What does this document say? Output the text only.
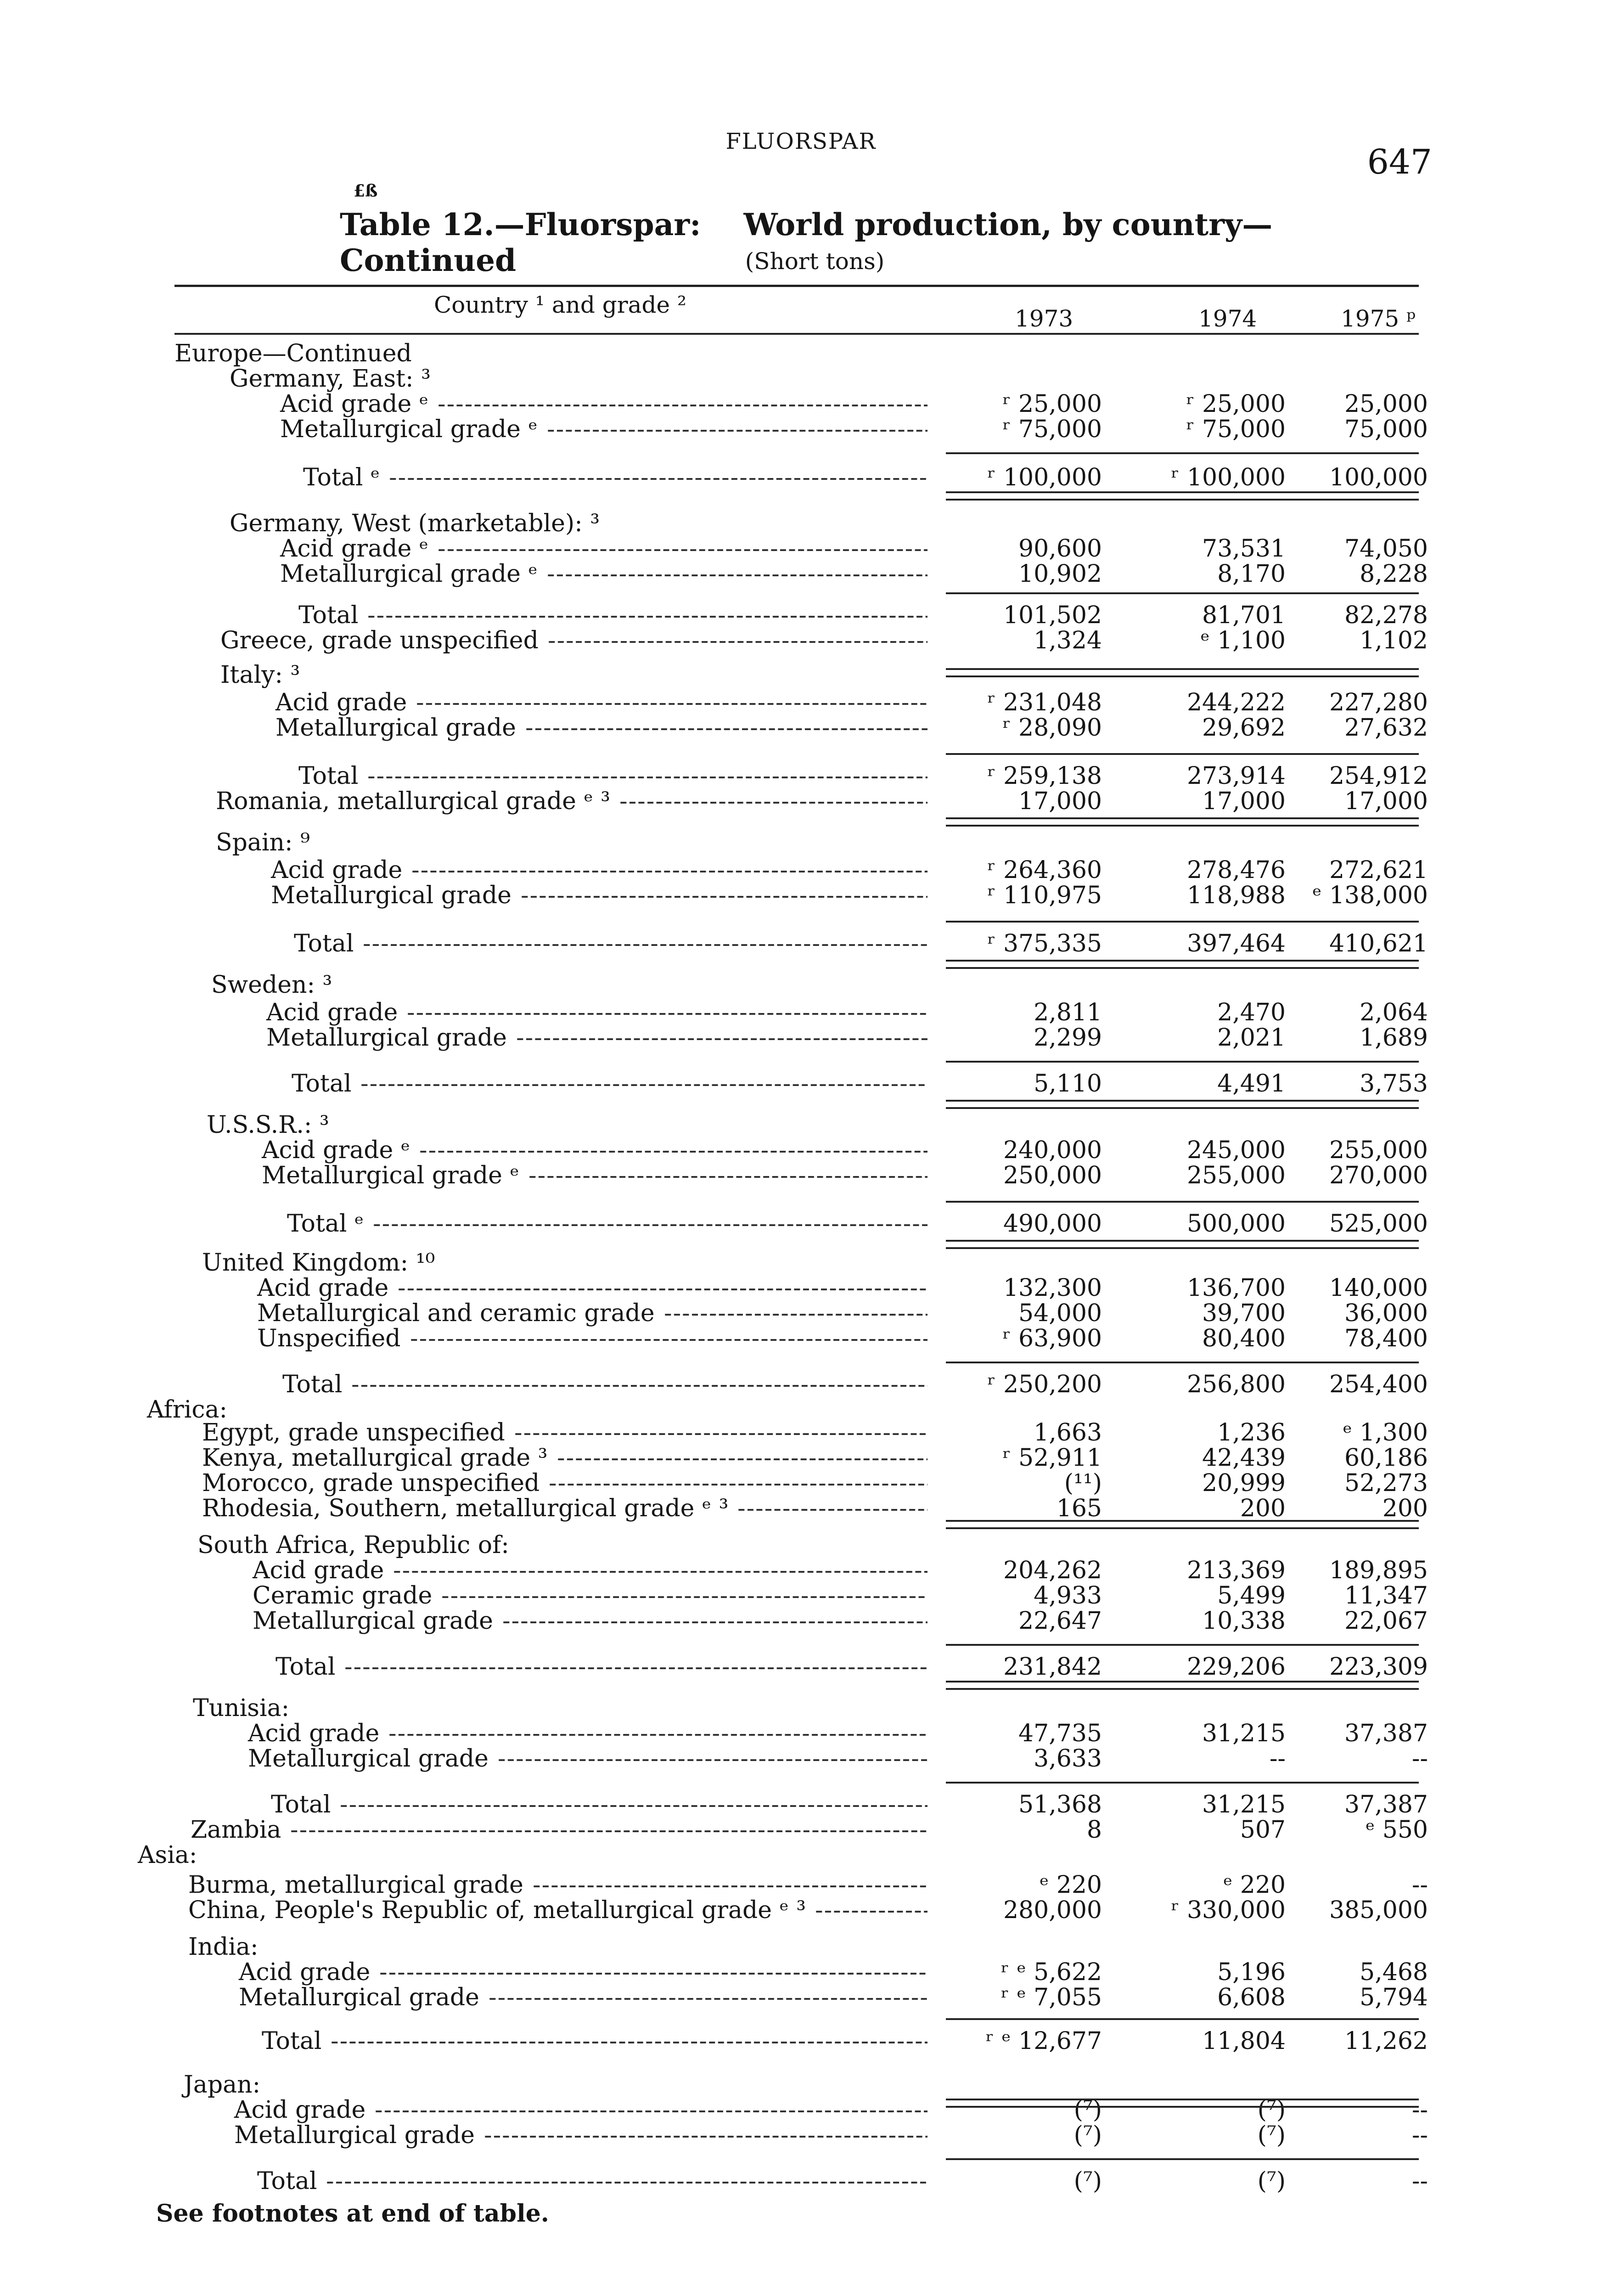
FLUORSPAR
647
£ß
Table 12.—Fluorspar: World production, by country—Continued	(Short tons)
Country ¹ and grade ²
1973	1974	1975 ᵖ
Europe—Continued
Germany, East: ³
Acid grade ᵉ -----	ʳ 25,000	ʳ 25,000	25,000
Metallurgical grade ᵉ -----	ʳ 75,000	ʳ 75,000	75,000
Total ᵉ -----	ʳ 100,000	ʳ 100,000	100,000
Germany, West (marketable): ³
Acid grade ᵉ -----	90,600	73,531	74,050
Metallurgical grade ᵉ -----	10,902	8,170	8,228
Total -----	101,502	81,701	82,278
Greece, grade unspecified -----	1,324	ᵉ 1,100	1,102
Italy: ³
Acid grade -----	ʳ 231,048	244,222	227,280
Metallurgical grade -----	ʳ 28,090	29,692	27,632
Total -----	ʳ 259,138	273,914	254,912
Romania, metallurgical grade ᵉ ³ -----	17,000	17,000	17,000
Spain: ⁹
Acid grade -----	ʳ 264,360	278,476	272,621
Metallurgical grade -----	ʳ 110,975	118,988	ᵉ 138,000
Total -----	ʳ 375,335	397,464	410,621
Sweden: ³
Acid grade -----	2,811	2,470	2,064
Metallurgical grade -----	2,299	2,021	1,689
Total -----	5,110	4,491	3,753
U.S.S.R.: ³
Acid grade ᵉ -----	240,000	245,000	255,000
Metallurgical grade ᵉ -----	250,000	255,000	270,000
Total ᵉ -----	490,000	500,000	525,000
United Kingdom: ¹⁰
Acid grade -----	132,300	136,700	140,000
Metallurgical and ceramic grade -----	54,000	39,700	36,000
Unspecified -----	ʳ 63,900	80,400	78,400
Total -----	ʳ 250,200	256,800	254,400
Africa:
Egypt, grade unspecified -----	1,663	1,236	ᵉ 1,300
Kenya, metallurgical grade ³ -----	ʳ 52,911	42,439	60,186
Morocco, grade unspecified -----	(¹¹)	20,999	52,273
Rhodesia, Southern, metallurgical grade ᵉ ³ -----	165	200	200
South Africa, Republic of:
Acid grade -----	204,262	213,369	189,895
Ceramic grade -----	4,933	5,499	11,347
Metallurgical grade -----	22,647	10,338	22,067
Total -----	231,842	229,206	223,309
Tunisia:
Acid grade -----	47,735	31,215	37,387
Metallurgical grade -----	3,633	--	--
Total -----	51,368	31,215	37,387
Zambia -----	8	507	ᵉ 550
Asia:
Burma, metallurgical grade -----	ᵉ 220	ᵉ 220	--
China, People's Republic of, metallurgical grade ᵉ ³ -----	280,000	ʳ 330,000	385,000
India:
Acid grade -----	ʳ ᵉ 5,622	5,196	5,468
Metallurgical grade -----	ʳ ᵉ 7,055	6,608	5,794
Total -----	ʳ ᵉ 12,677	11,804	11,262
Japan:
Acid grade -----	(⁷)	(⁷)	--
Metallurgical grade -----	(⁷)	(⁷)	--
Total -----	(⁷)	(⁷)	--
See footnotes at end of table.
